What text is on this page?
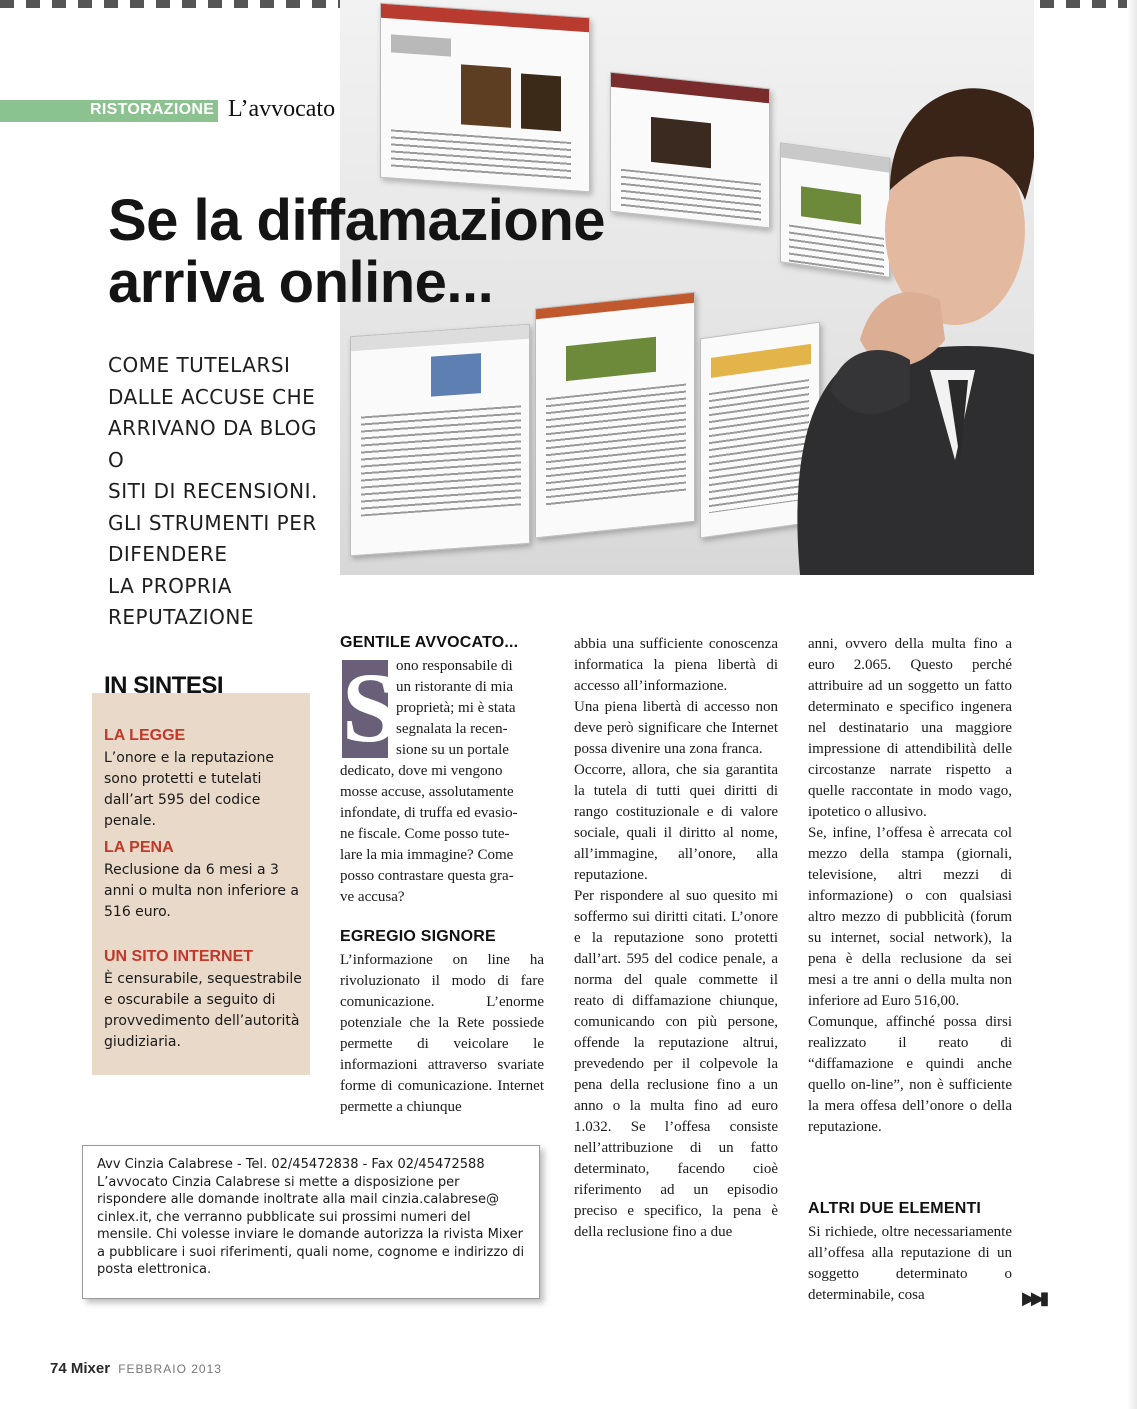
RISTORAZIONE L’avvocato
Se la diffamazione
arriva online...
COME TUTELARSI
DALLE ACCUSE CHE
ARRIVANO DA BLOG O
SITI DI RECENSIONI.
GLI STRUMENTI PER
DIFENDERE
LA PROPRIA
REPUTAZIONE
IN SINTESI
LA LEGGE
L’onore e la reputazione sono protetti e tutelati dall’art 595 del codice penale.
LA PENA
Reclusione da 6 mesi a 3 anni o multa non inferiore a 516 euro.
UN SITO INTERNET
È censurabile, sequestrabile e oscurabile a seguito di provvedimento dell’autorità giudiziaria.
GENTILE AVVOCATO...
S
ono responsabile di
un ristorante di mia
proprietà; mi è stata
segnalata la recen-
sione su un portale
dedicato, dove mi vengono
mosse accuse, assolutamente
infondate, di truffa ed evasio-
ne fiscale. Come posso tute-
lare la mia immagine? Come
posso contrastare questa gra-
ve accusa?
EGREGIO SIGNORE
L’informazione on line ha rivoluzionato il modo di fare comunicazione. L’enorme potenziale che la Rete possiede permette di veicolare le informazioni attraverso svariate forme di comunicazione. Internet permette a chiunque
abbia una sufficiente conoscenza informatica la piena libertà di accesso all’informazione.
Una piena libertà di accesso non deve però significare che Internet possa divenire una zona franca.
Occorre, allora, che sia garantita la tutela di tutti quei diritti di rango costituzionale e di valore sociale, quali il diritto al nome, all’immagine, all’onore, alla reputazione.
Per rispondere al suo quesito mi soffermo sui diritti citati. L’onore e la reputazione sono protetti dall’art. 595 del codice penale, a norma del quale commette il reato di diffamazione chiunque, comunicando con più persone, offende la reputazione altrui, prevedendo per il colpevole la pena della reclusione fino a un anno o la multa fino ad euro 1.032. Se l’offesa consiste nell’attribuzione di un fatto determinato, facendo cioè riferimento ad un episodio preciso e specifico, la pena è della reclusione fino a due
anni, ovvero della multa fino a euro 2.065. Questo perché attribuire ad un soggetto un fatto determinato e specifico ingenera nel destinatario una maggiore impressione di attendibilità delle circostanze narrate rispetto a quelle raccontate in modo vago, ipotetico o allusivo.
Se, infine, l’offesa è arrecata col mezzo della stampa (giornali, televisione, altri mezzi di informazione) o con qualsiasi altro mezzo di pubblicità (forum su internet, social network), la pena è della reclusione da sei mesi a tre anni o della multa non inferiore ad Euro 516,00.
Comunque, affinché possa dirsi realizzato il reato di “diffamazione e quindi anche quello on-line”, non è sufficiente la mera offesa dell’onore o della reputazione.
ALTRI DUE ELEMENTI
Si richiede, oltre necessariamente all’offesa alla reputazione di un soggetto determinato o determinabile, cosa	▶▶▮
Avv Cinzia Calabrese - Tel. 02/45472838 - Fax 02/45472588 L’avvocato Cinzia Calabrese si mette a disposizione per rispondere alle domande inoltrate alla mail cinzia.calabrese@ cinlex.it, che verranno pubblicate sui prossimi numeri del mensile. Chi volesse inviare le domande autorizza la rivista Mixer a pubblicare i suoi riferimenti, quali nome, cognome e indirizzo di posta elettronica.
74 Mixer FEBBRAIO 2013
